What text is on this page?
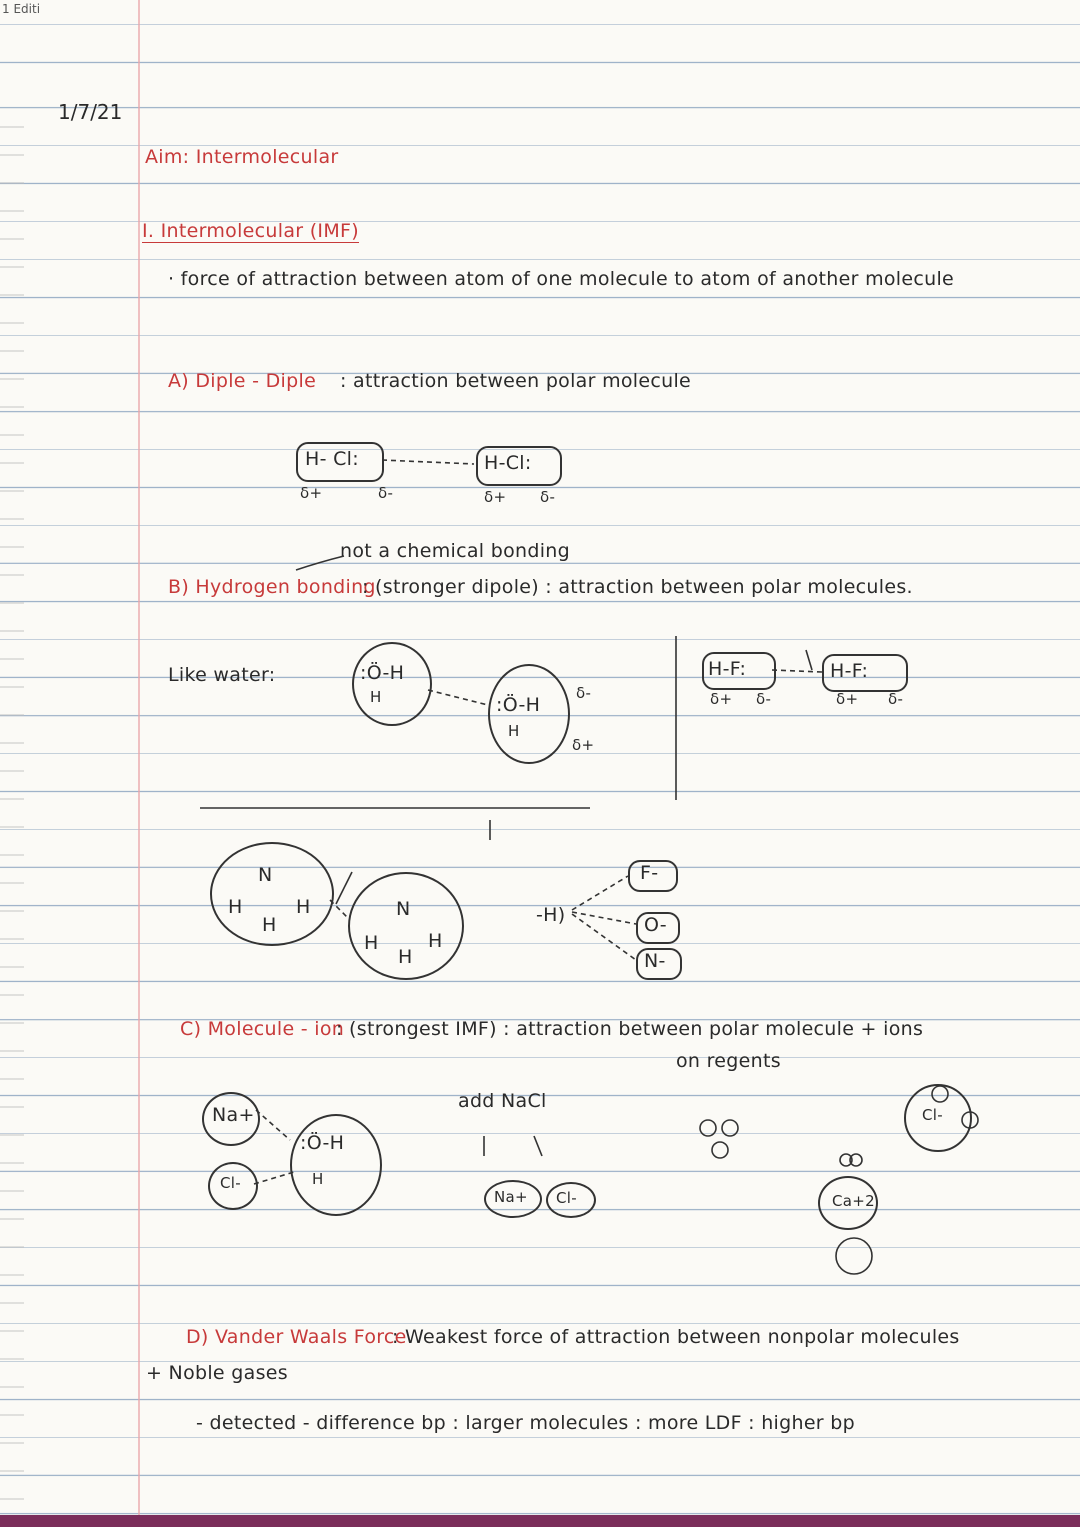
1 Editi
1/7/21
Aim: Intermolecular
I. Intermolecular (IMF)
· force of attraction between atom of one molecule to atom of another molecule
A) Diple - Diple : attraction between polar molecule
H- Cl:
δ+	δ-
H-Cl:
δ+ δ-
not a chemical bonding
B) Hydrogen bonding
: (stronger dipole) : attraction between polar molecules.
Like water:	:Ö-H
H	:Ö-H
H
δ+
δ-
H-F:
δ+ δ-
H-F:
δ+ δ-
N
H
H
H	N
H
H
H
-H)
F-
O-
N-
C) Molecule - ion
: (strongest IMF) : attraction between polar molecule + ions
on regents
Na+
Cl-
:Ö-H
H
add NaCl
Na+ Cl-	Ca+2
Cl-
D) Vander Waals Force
: Weakest force of attraction between nonpolar molecules
+ Noble gases
- detected - difference bp : larger molecules : more LDF : higher bp
